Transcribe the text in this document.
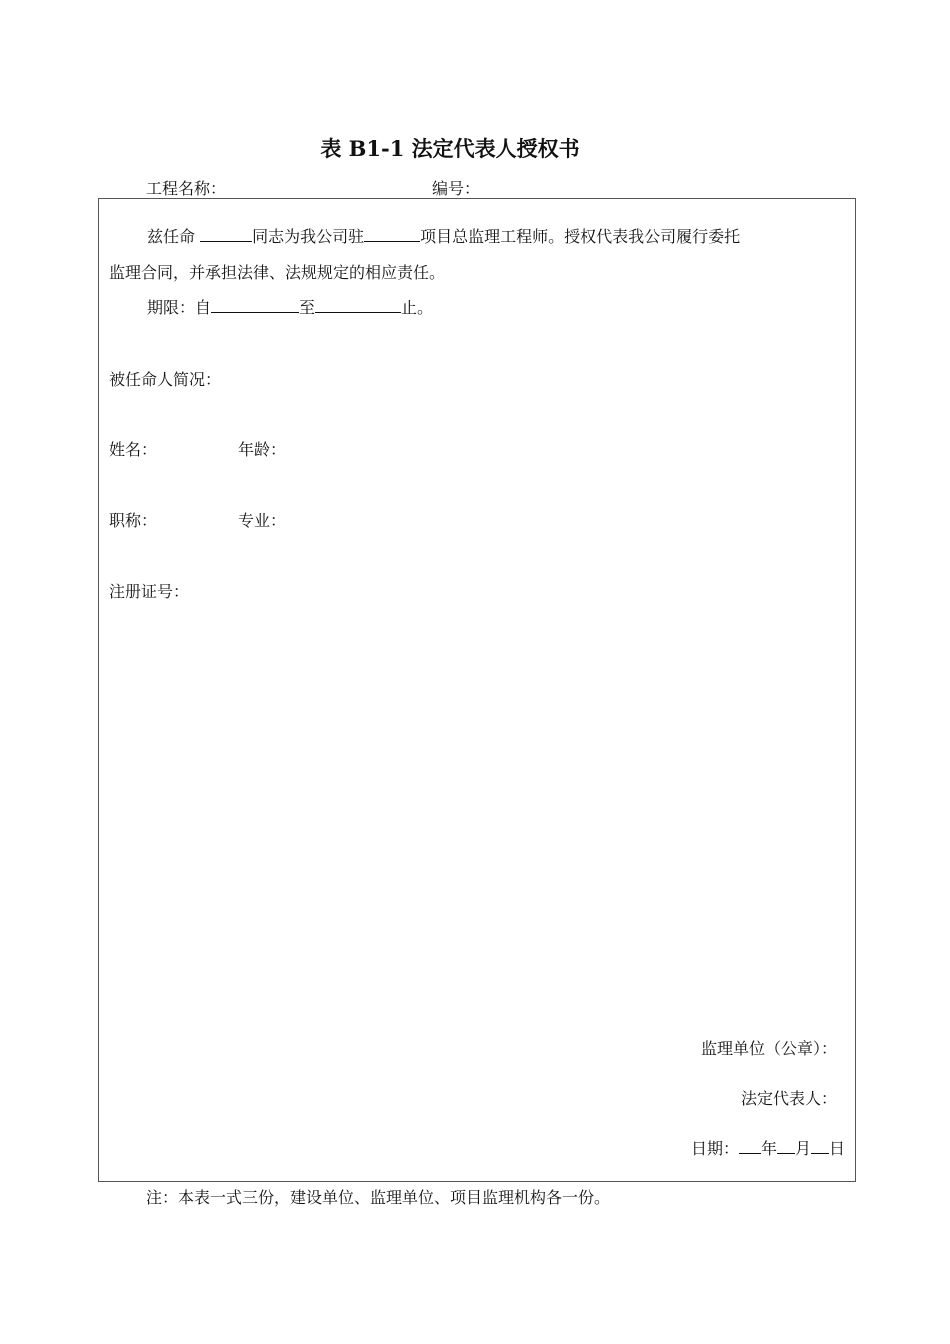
表 B1-1 法定代表人授权书
工程名称：	编号：
兹任命	同志为我公司驻	项目总监理工程师。授权代表我公司履行委托
监理合同，并承担法律、法规规定的相应责任。
期限：自	至	止。
被任命人简况：
姓名：	年龄：
职称：	专业：
注册证号：
监理单位（公章）：
法定代表人：
日期： 年 月 日
注：本表一式三份，建设单位、监理单位、项目监理机构各一份。
